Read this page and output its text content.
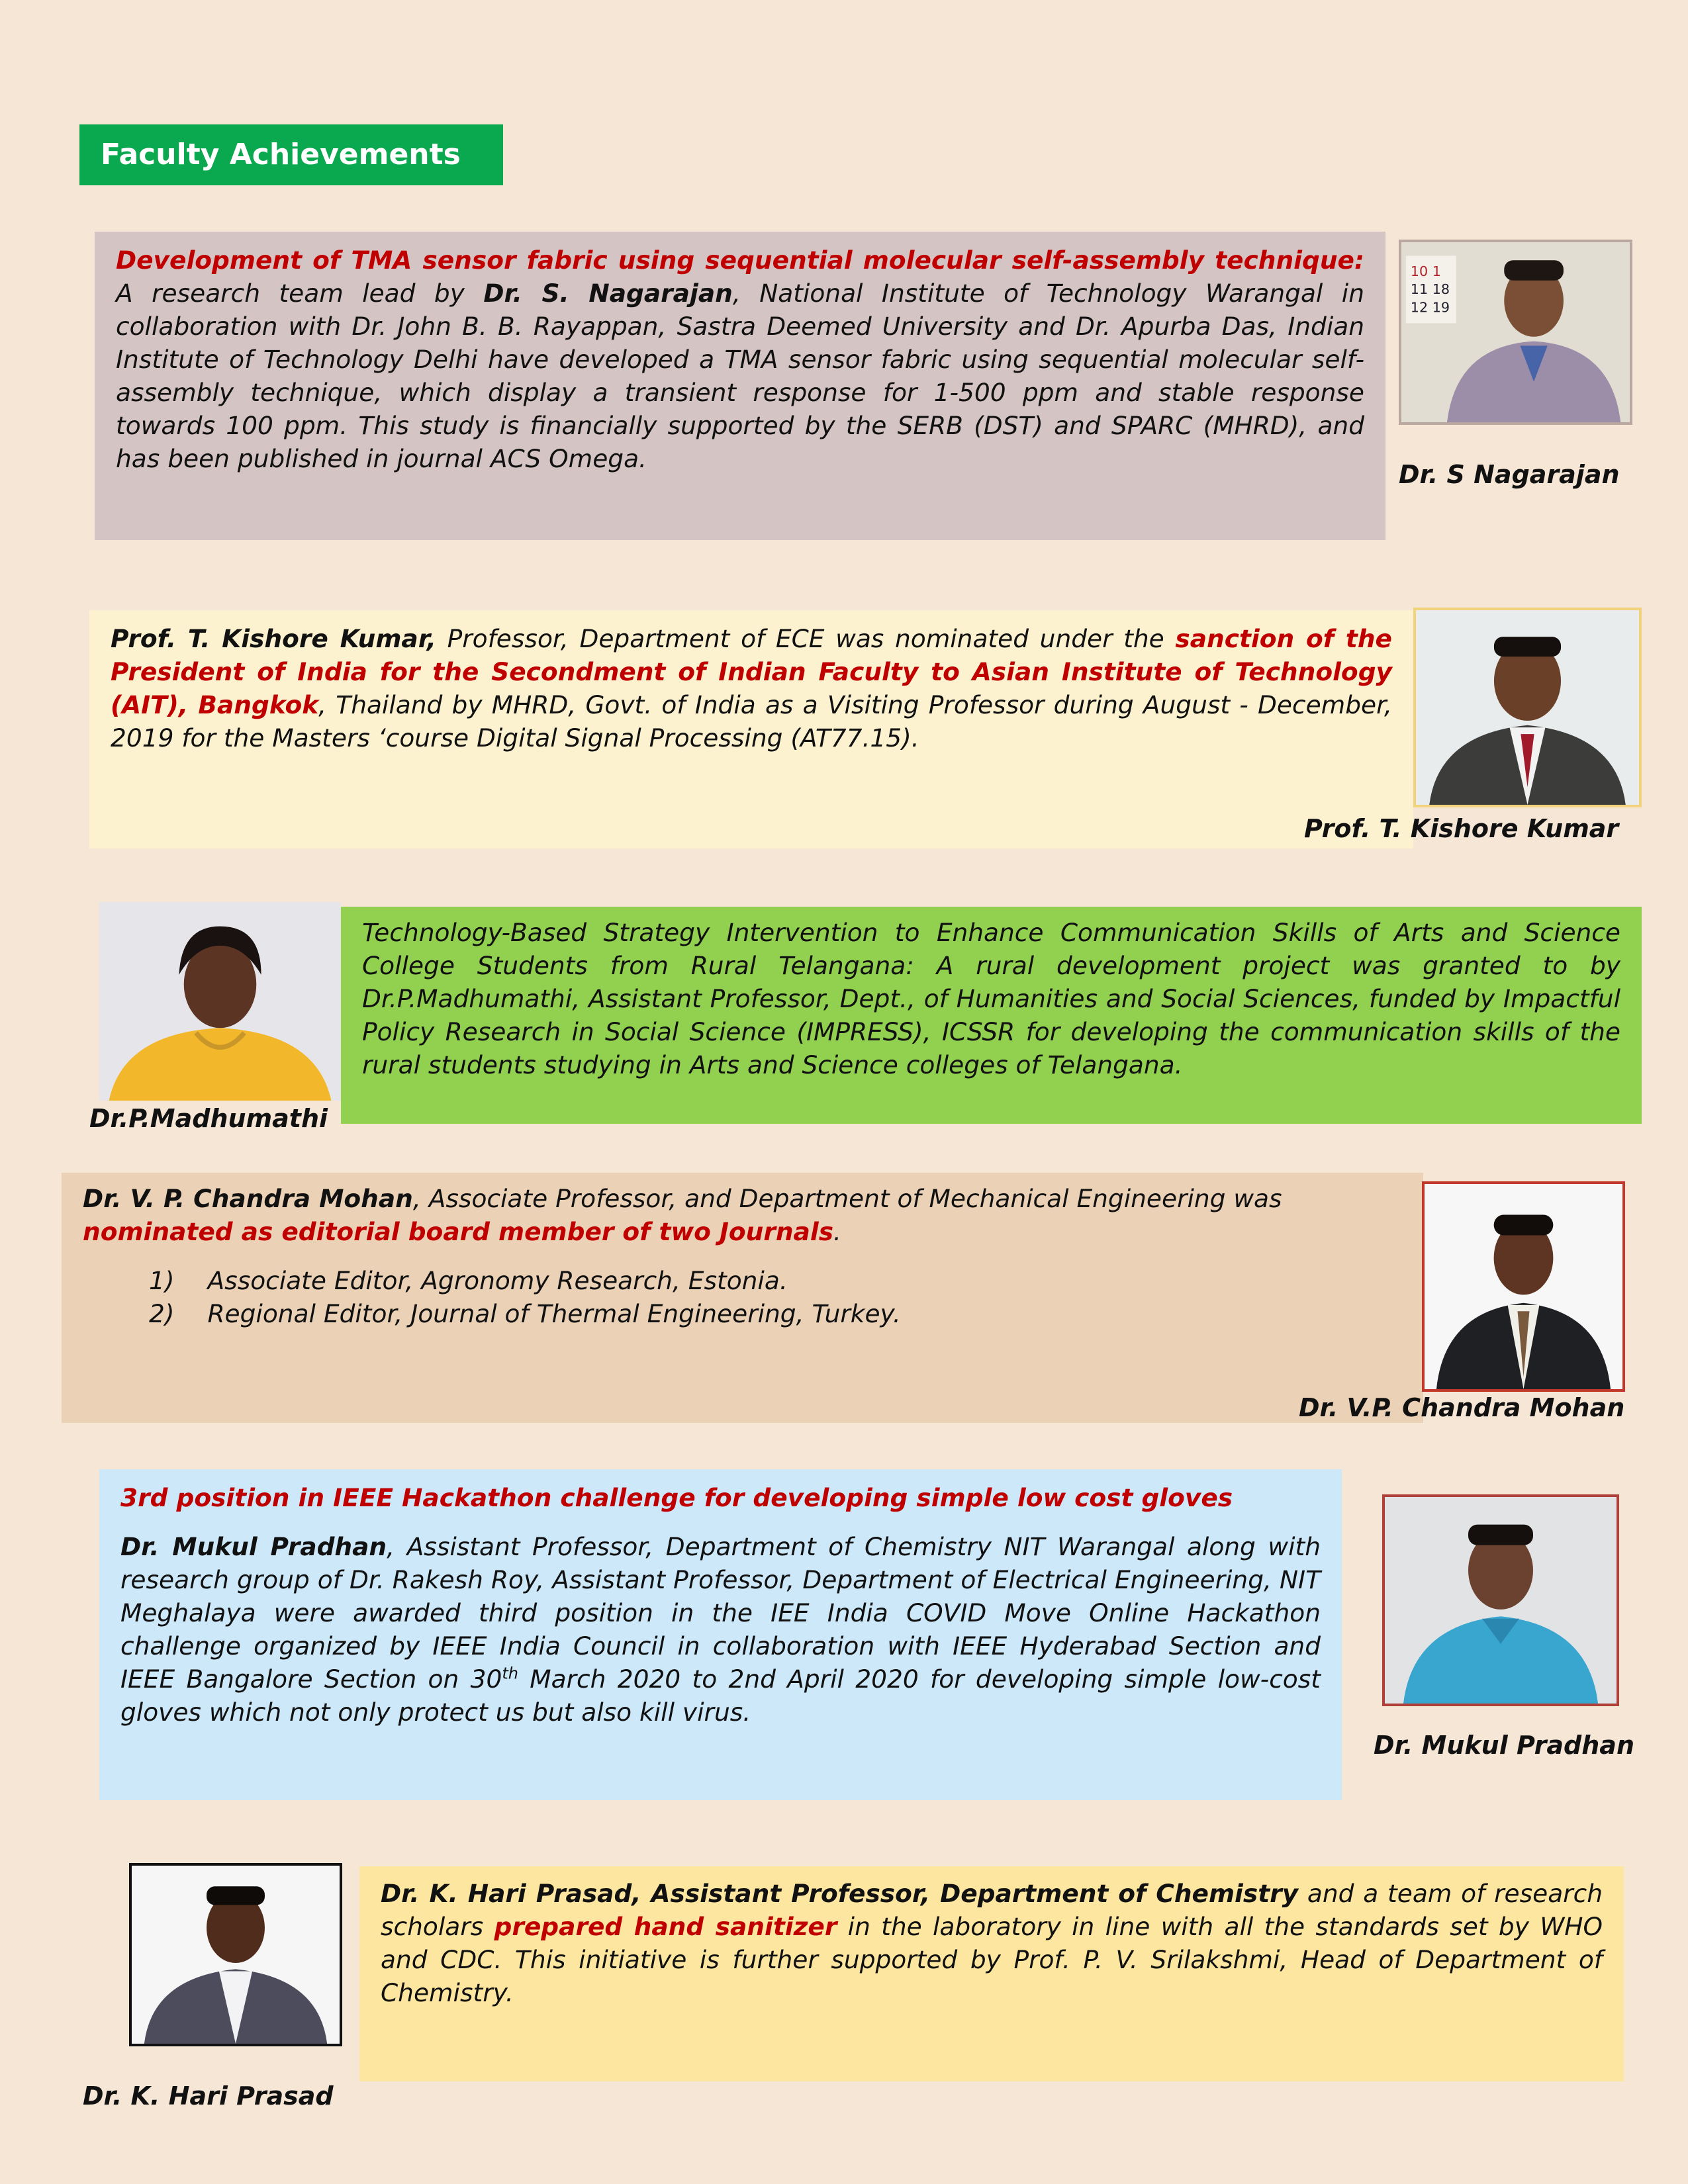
Faculty Achievements
Development of TMA sensor fabric using sequential molecular self-assembly technique: A research team lead by Dr. S. Nagarajan, National Institute of Technology Warangal in collaboration with Dr. John B. B. Rayappan, Sastra Deemed University and Dr. Apurba Das, Indian Institute of Technology Delhi have developed a TMA sensor fabric using sequential molecular self-assembly technique, which display a transient response for 1-500 ppm and stable response towards 100 ppm. This study is financially supported by the SERB (DST) and SPARC (MHRD), and has been published in journal ACS Omega.
10 1
11 18
12 19
Dr. S Nagarajan
Prof. T. Kishore Kumar, Professor, Department of ECE was nominated under the sanction of the President of India for the Secondment of Indian Faculty to Asian Institute of Technology (AIT), Bangkok, Thailand by MHRD, Govt. of India as a Visiting Professor during August - December, 2019 for the Masters ‘course Digital Signal Processing (AT77.15).
Prof. T. Kishore Kumar
Technology-Based Strategy Intervention to Enhance Communication Skills of Arts and Science College Students from Rural Telangana: A rural development project was granted to by Dr.P.Madhumathi, Assistant Professor, Dept., of Humanities and Social Sciences, funded by Impactful Policy Research in Social Science (IMPRESS), ICSSR for developing the communication skills of the rural students studying in Arts and Science colleges of Telangana.
Dr.P.Madhumathi
Dr. V. P. Chandra Mohan, Associate Professor, and Department of Mechanical Engineering was nominated as editorial board member of two Journals.
1) Associate Editor, Agronomy Research, Estonia.
2) Regional Editor, Journal of Thermal Engineering, Turkey.
Dr. V.P. Chandra Mohan
3rd position in IEEE Hackathon challenge for developing simple low cost gloves
Dr. Mukul Pradhan, Assistant Professor, Department of Chemistry NIT Warangal along with research group of Dr. Rakesh Roy, Assistant Professor, Department of Electrical Engineering, NIT Meghalaya were awarded third position in the IEE India COVID Move Online Hackathon challenge organized by IEEE India Council in collaboration with IEEE Hyderabad Section and IEEE Bangalore Section on 30th March 2020 to 2nd April 2020 for developing simple low-cost gloves which not only protect us but also kill virus.
Dr. Mukul Pradhan
Dr. K. Hari Prasad, Assistant Professor, Department of Chemistry and a team of research scholars prepared hand sanitizer in the laboratory in line with all the standards set by WHO and CDC. This initiative is further supported by Prof. P. V. Srilakshmi, Head of Department of Chemistry.
Dr. K. Hari Prasad
